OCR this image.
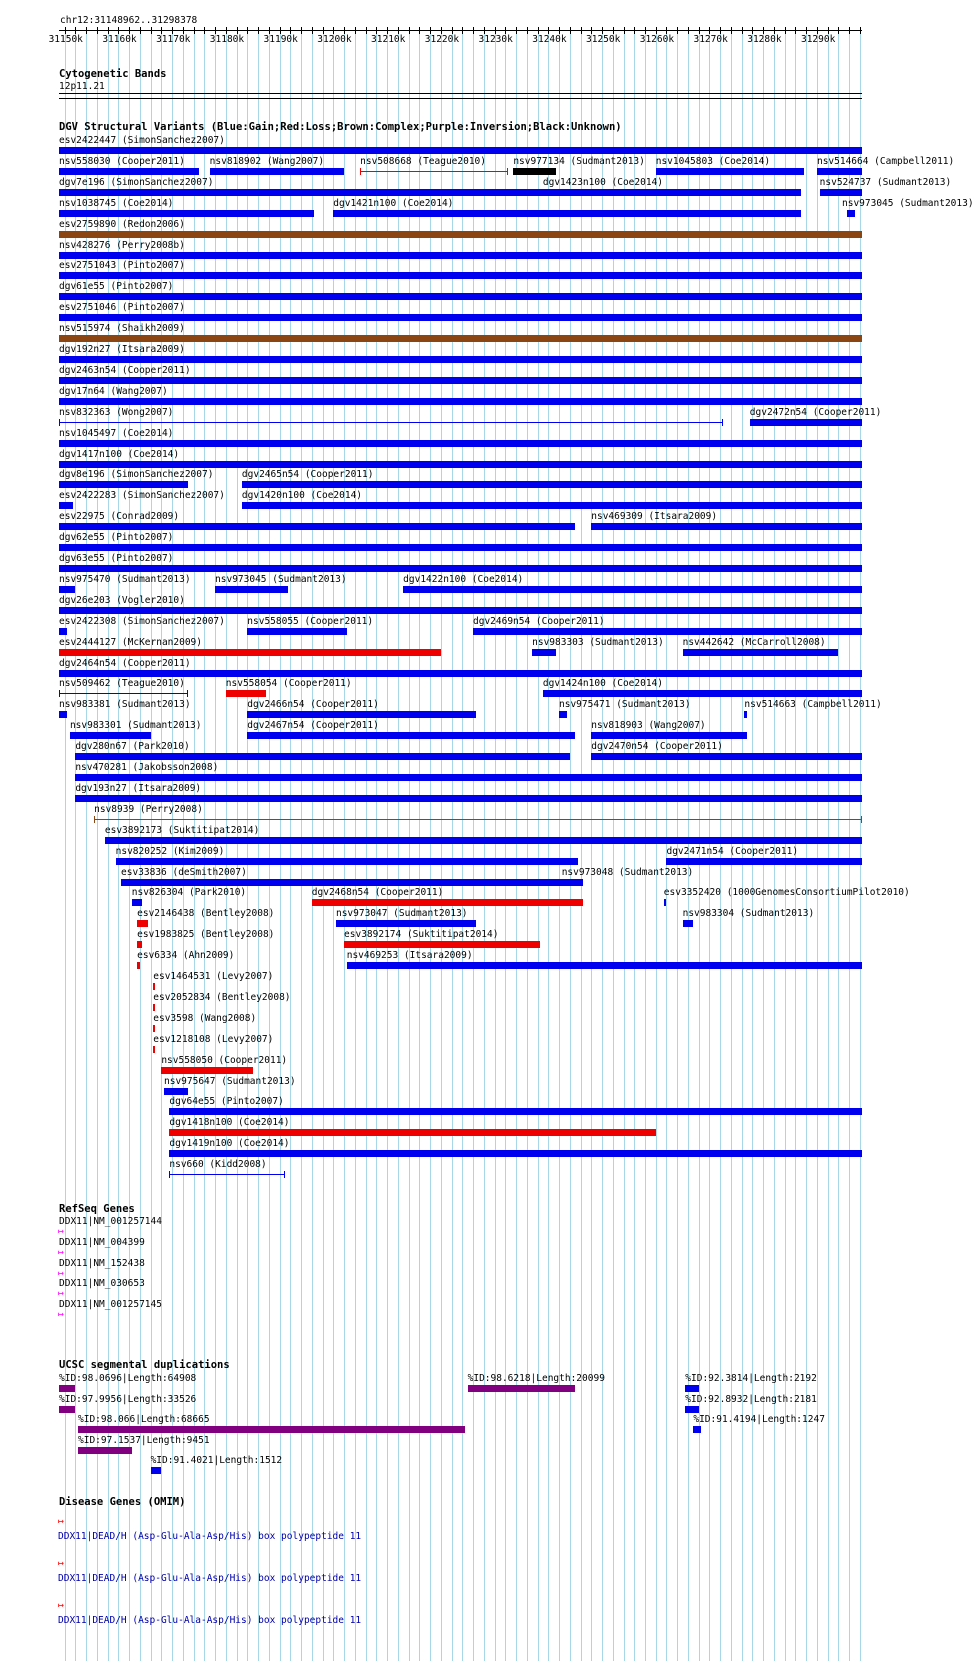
chr12:31148962..31298378
31150k 31160k 31170k 31180k 31190k 31200k 31210k 31220k 31230k 31240k 31250k 31260k 31270k 31280k 31290k
Cytogenetic Bands
12p11.21
DGV Structural Variants (Blue:Gain;Red:Loss;Brown:Complex;Purple:Inversion;Black:Unknown)
esv2422447 (SimonSanchez2007)
nsv558030 (Cooper2011)	nsv818902 (Wang2007)	nsv508668 (Teague2010)	nsv977134 (Sudmant2013) nsv1045803 (Coe2014)	nsv514664 (Campbell2011)
dgv7e196 (SimonSanchez2007)	dgv1423n100 (Coe2014)	nsv524737 (Sudmant2013)
nsv1038745 (Coe2014)	dgv1421n100 (Coe2014)	nsv973045 (Sudmant2013)
esv2759890 (Redon2006)
nsv428276 (Perry2008b)
esv2751043 (Pinto2007)
dgv61e55 (Pinto2007)
esv2751046 (Pinto2007)
nsv515974 (Shaikh2009)
dgv192n27 (Itsara2009)
dgv2463n54 (Cooper2011)
dgv17n64 (Wang2007)
nsv832363 (Wong2007)	dgv2472n54 (Cooper2011)
nsv1045497 (Coe2014)
dgv1417n100 (Coe2014)
dgv8e196 (SimonSanchez2007)	dgv2465n54 (Cooper2011)
esv2422283 (SimonSanchez2007) dgv1420n100 (Coe2014)
esv22975 (Conrad2009)	nsv469309 (Itsara2009)
dgv62e55 (Pinto2007)
dgv63e55 (Pinto2007)
nsv975470 (Sudmant2013)	nsv973045 (Sudmant2013)	dgv1422n100 (Coe2014)
dgv26e203 (Vogler2010)
esv2422308 (SimonSanchez2007) nsv558055 (Cooper2011)	dgv2469n54 (Cooper2011)
esv2444127 (McKernan2009)	nsv983303 (Sudmant2013) nsv442642 (McCarroll2008)
dgv2464n54 (Cooper2011)
nsv509462 (Teague2010)	nsv558054 (Cooper2011)	dgv1424n100 (Coe2014)
nsv983381 (Sudmant2013)	dgv2466n54 (Cooper2011)	nsv975471 (Sudmant2013)	nsv514663 (Campbell2011)
nsv983301 (Sudmant2013)	dgv2467n54 (Cooper2011)	nsv818903 (Wang2007)
dgv280n67 (Park2010)	dgv2470n54 (Cooper2011)
nsv470281 (Jakobsson2008)
dgv193n27 (Itsara2009)
nsv8939 (Perry2008)
esv3892173 (Suktitipat2014)
nsv820252 (Kim2009)	dgv2471n54 (Cooper2011)
esv33836 (deSmith2007)	nsv973048 (Sudmant2013)
nsv826304 (Park2010)	dgv2468n54 (Cooper2011)	esv3352420 (1000GenomesConsortiumPilot2010)
esv2146438 (Bentley2008)	nsv973047 (Sudmant2013)	nsv983304 (Sudmant2013)
esv1983825 (Bentley2008)	esv3892174 (Suktitipat2014)
esv6334 (Ahn2009)	nsv469253 (Itsara2009)
esv1464531 (Levy2007)
esv2052834 (Bentley2008)
esv3598 (Wang2008)
esv1218108 (Levy2007)
nsv558050 (Cooper2011)
nsv975647 (Sudmant2013)
dgv64e55 (Pinto2007)
dgv1418n100 (Coe2014)
dgv1419n100 (Coe2014)
nsv660 (Kidd2008)
RefSeq Genes
DDX11|NM_001257144
↦
DDX11|NM_004399
↦
DDX11|NM_152438
↦
DDX11|NM_030653
↦
DDX11|NM_001257145
↦
UCSC segmental duplications
%ID:98.0696|Length:64908	%ID:98.6218|Length:20099	%ID:92.3814|Length:2192
%ID:97.9956|Length:33526	%ID:92.8932|Length:2181
%ID:98.066|Length:68665	%ID:91.4194|Length:1247
%ID:97.1537|Length:9451
%ID:91.4021|Length:1512
Disease Genes (OMIM)
↦
DDX11|DEAD/H (Asp-Glu-Ala-Asp/His) box polypeptide 11
↦
DDX11|DEAD/H (Asp-Glu-Ala-Asp/His) box polypeptide 11
↦
DDX11|DEAD/H (Asp-Glu-Ala-Asp/His) box polypeptide 11
